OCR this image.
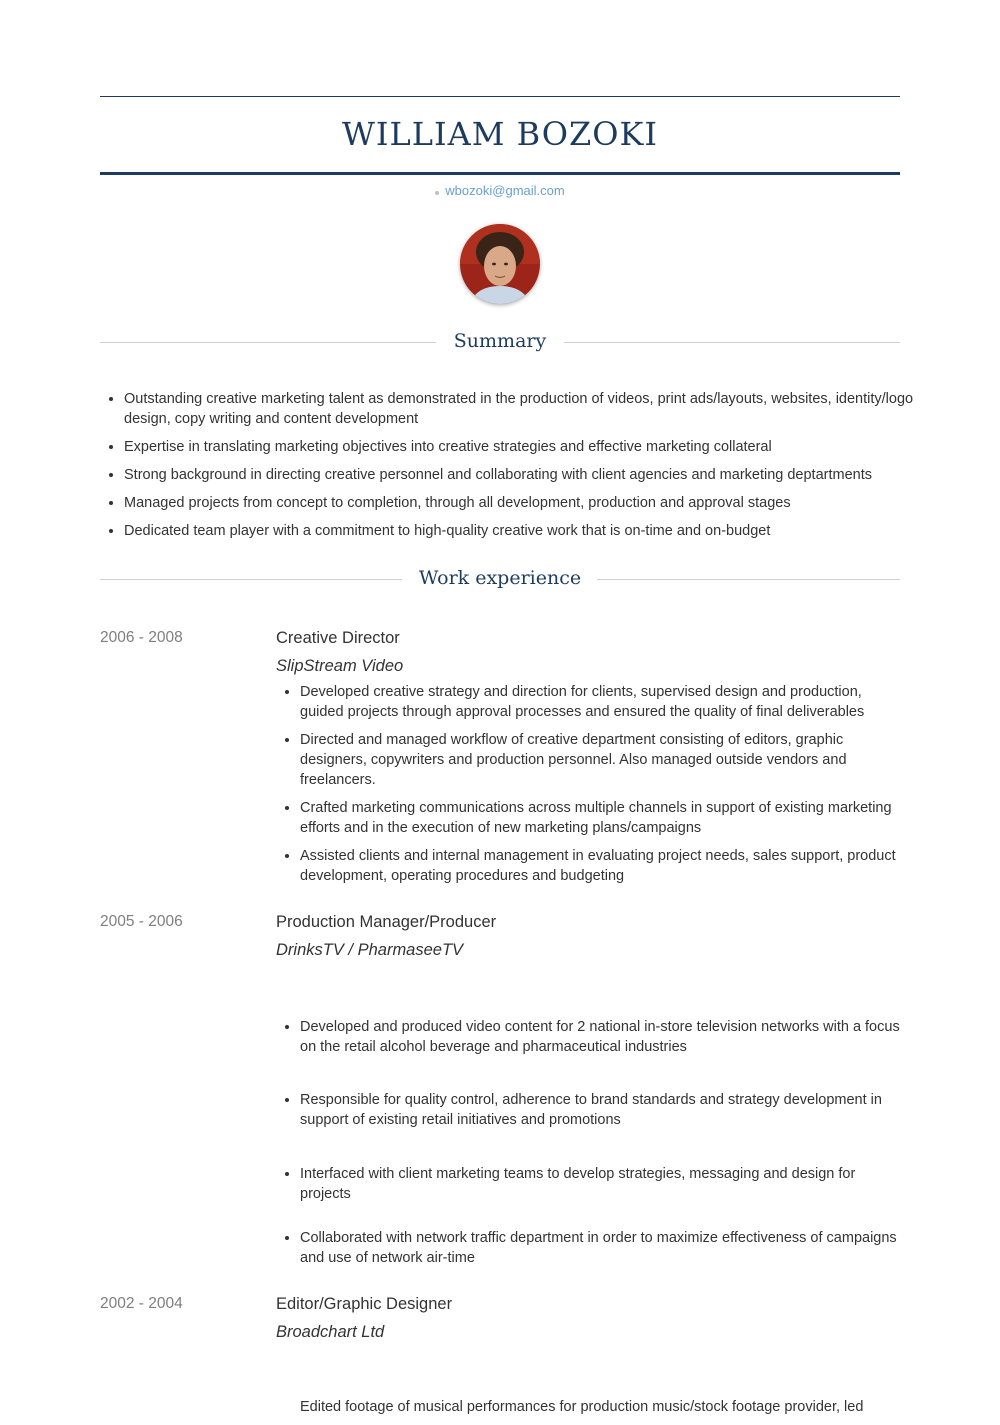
WILLIAM BOZOKI
wbozoki@gmail.com
Summary
• Outstanding creative marketing talent as demonstrated in the production of videos, print ads/layouts, websites, identity/logo design, copy writing and content development
• Expertise in translating marketing objectives into creative strategies and effective marketing collateral
• Strong background in directing creative personnel and collaborating with client agencies and marketing deptartments
• Managed projects from concept to completion, through all development, production and approval stages
• Dedicated team player with a commitment to high-quality creative work that is on-time and on-budget
Work experience
2006 - 2008	Creative Director
SlipStream Video
• Developed creative strategy and direction for clients, supervised design and production, guided projects through approval processes and ensured the quality of final deliverables
• Directed and managed workflow of creative department consisting of editors, graphic designers, copywriters and production personnel. Also managed outside vendors and freelancers.
• Crafted marketing communications across multiple channels in support of existing marketing efforts and in the execution of new marketing plans/campaigns
• Assisted clients and internal management in evaluating project needs, sales support, product development, operating procedures and budgeting
2005 - 2006	Production Manager/Producer
DrinksTV / PharmaseeTV
• Developed and produced video content for 2 national in-store television networks with a focus on the retail alcohol beverage and pharmaceutical industries
• Responsible for quality control, adherence to brand standards and strategy development in support of existing retail initiatives and promotions
• Interfaced with client marketing teams to develop strategies, messaging and design for projects
• Collaborated with network traffic department in order to maximize effectiveness of campaigns and use of network air-time
2002 - 2004	Editor/Graphic Designer
Broadchart Ltd
• Edited footage of musical performances for production music/stock footage provider, led
